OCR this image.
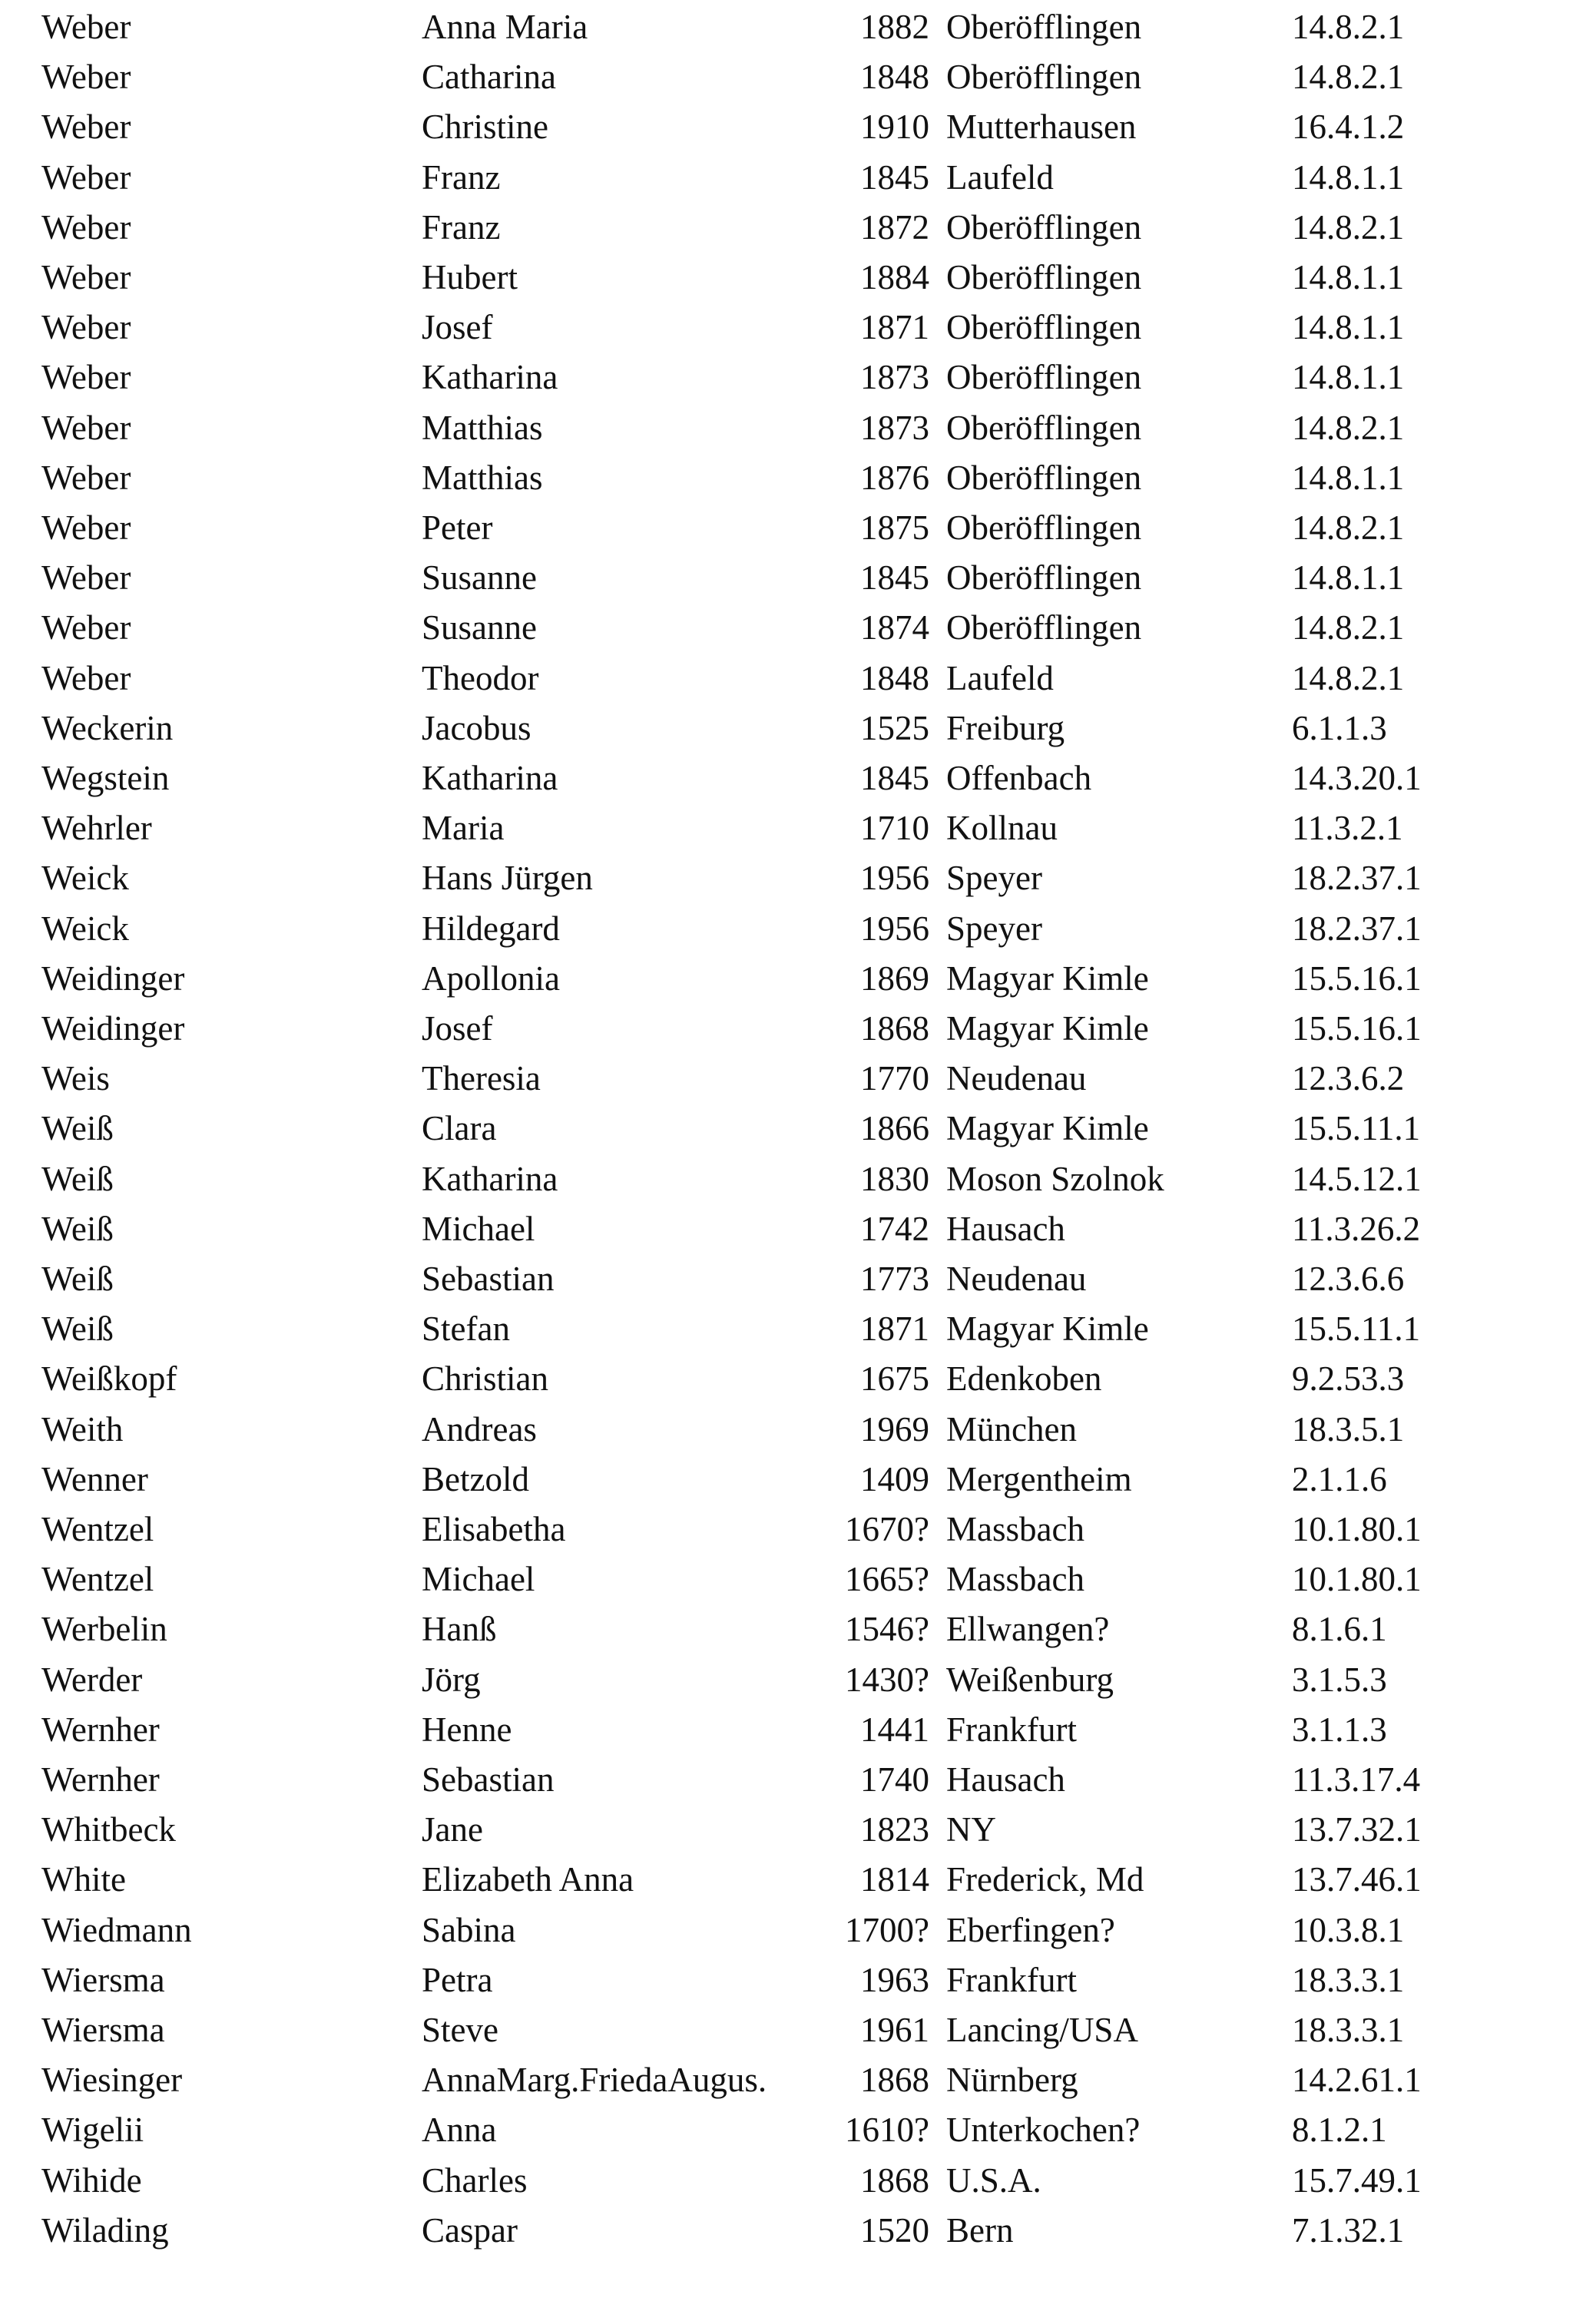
Weber	Anna Maria	1882 Oberöfflingen	14.8.2.1
Weber	Catharina	1848 Oberöfflingen	14.8.2.1
Weber	Christine	1910 Mutterhausen	16.4.1.2
Weber	Franz	1845 Laufeld	14.8.1.1
Weber	Franz	1872 Oberöfflingen	14.8.2.1
Weber	Hubert	1884 Oberöfflingen	14.8.1.1
Weber	Josef	1871 Oberöfflingen	14.8.1.1
Weber	Katharina	1873 Oberöfflingen	14.8.1.1
Weber	Matthias	1873 Oberöfflingen	14.8.2.1
Weber	Matthias	1876 Oberöfflingen	14.8.1.1
Weber	Peter	1875 Oberöfflingen	14.8.2.1
Weber	Susanne	1845 Oberöfflingen	14.8.1.1
Weber	Susanne	1874 Oberöfflingen	14.8.2.1
Weber	Theodor	1848 Laufeld	14.8.2.1
Weckerin	Jacobus	1525 Freiburg	6.1.1.3
Wegstein	Katharina	1845 Offenbach	14.3.20.1
Wehrler	Maria	1710 Kollnau	11.3.2.1
Weick	Hans Jürgen	1956 Speyer	18.2.37.1
Weick	Hildegard	1956 Speyer	18.2.37.1
Weidinger	Apollonia	1869 Magyar Kimle	15.5.16.1
Weidinger	Josef	1868 Magyar Kimle	15.5.16.1
Weis	Theresia	1770 Neudenau	12.3.6.2
Weiß	Clara	1866 Magyar Kimle	15.5.11.1
Weiß	Katharina	1830 Moson Szolnok	14.5.12.1
Weiß	Michael	1742 Hausach	11.3.26.2
Weiß	Sebastian	1773 Neudenau	12.3.6.6
Weiß	Stefan	1871 Magyar Kimle	15.5.11.1
Weißkopf	Christian	1675 Edenkoben	9.2.53.3
Weith	Andreas	1969 München	18.3.5.1
Wenner	Betzold	1409 Mergentheim	2.1.1.6
Wentzel	Elisabetha	1670? Massbach	10.1.80.1
Wentzel	Michael	1665? Massbach	10.1.80.1
Werbelin	Hanß	1546? Ellwangen?	8.1.6.1
Werder	Jörg	1430? Weißenburg	3.1.5.3
Wernher	Henne	1441 Frankfurt	3.1.1.3
Wernher	Sebastian	1740 Hausach	11.3.17.4
Whitbeck	Jane	1823 NY	13.7.32.1
White	Elizabeth Anna	1814 Frederick, Md	13.7.46.1
Wiedmann	Sabina	1700? Eberfingen?	10.3.8.1
Wiersma	Petra	1963 Frankfurt	18.3.3.1
Wiersma	Steve	1961 Lancing/USA	18.3.3.1
Wiesinger	AnnaMarg.FriedaAugus.	1868 Nürnberg	14.2.61.1
Wigelii	Anna	1610? Unterkochen?	8.1.2.1
Wihide	Charles	1868 U.S.A.	15.7.49.1
Wilading	Caspar	1520 Bern	7.1.32.1
